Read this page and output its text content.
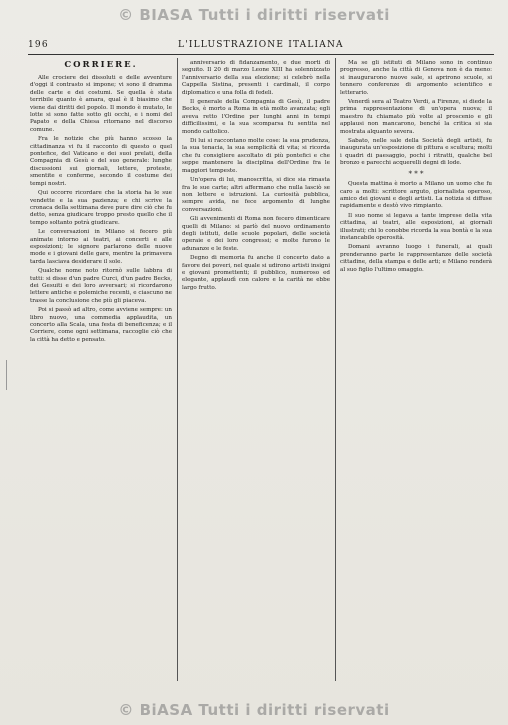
© BIASA Tutti i diritti riservati
196	L'ILLUSTRAZIONE ITALIANA
CORRIERE.

Alle crociere dei dissoluti e delle avventure d'oggi il contrasto si impone; vi sono il dramma delle carte e dei costumi. Se quella è stata terribile quanto è amara, qual è il biasimo che viene dai diritti del popolo. Il mondo è mutato, le lotte si sono fatte sotto gli occhi, e i nomi del Papato e della Chiesa ritornano nel discorso comune.

Fra le notizie che più hanno scosso la cittadinanza vi fu il racconto di questo o quel pontefice, del Vaticano e dei suoi prelati, della Compagnia di Gesù e del suo generale: lunghe discussioni sui giornali, lettere, proteste, smentite e conferme, secondo il costume dei tempi nostri.

Qui occorre ricordare che la storia ha le sue vendette e la sua pazienza; e chi scrive la cronaca della settimana deve pure dire ciò che fu detto, senza giudicare troppo presto quello che il tempo soltanto potrà giudicare.

Le conversazioni in Milano si fecero più animate intorno ai teatri, ai concerti e alle esposizioni; le signore parlarono delle nuove mode e i giovani delle gare, mentre la primavera tarda lasciava desiderare il sole.

Qualche nome noto ritornò sulle labbra di tutti: si disse d'un padre Curci, d'un padre Becks, dei Gesuiti e dei loro avversari; si ricordarono lettere antiche e polemiche recenti, e ciascuno ne trasse la conclusione che più gli piaceva.

Poi si passò ad altro, come avviene sempre: un libro nuovo, una commedia applaudita, un concerto alla Scala, una festa di beneficenza; e il Corriere, come ogni settimana, raccoglie ciò che la città ha detto e pensato.

anniversario di fidanzamento, e due morti di seguito. Il 20 di marzo Leone XIII ha solennizzato l'anniversario della sua elezione; si celebrò nella Cappella Sistina, presenti i cardinali, il corpo diplomatico e una folla di fedeli.

Il generale della Compagnia di Gesù, il padre Becks, è morto a Roma in età molto avanzata; egli aveva retto l'Ordine per lunghi anni in tempi difficilissimi, e la sua scomparsa fu sentita nel mondo cattolico.

Di lui si raccontano molte cose: la sua prudenza, la sua tenacia, la sua semplicità di vita; si ricorda che fu consigliere ascoltato di più pontefici e che seppe mantenere la disciplina dell'Ordine fra le maggiori tempeste.

Un'opera di lui, manoscritta, si dice sia rimasta fra le sue carte; altri affermano che nulla lasciò se non lettere e istruzioni. La curiosità pubblica, sempre avida, ne fece argomento di lunghe conversazioni.

Gli avvenimenti di Roma non fecero dimenticare quelli di Milano: si parlò del nuovo ordinamento degli istituti, delle scuole popolari, delle società operaie e dei loro congressi; e molte furono le adunanze e le feste.

Degno di memoria fu anche il concerto dato a favore dei poveri, nel quale si udirono artisti insigni e giovani promettenti; il pubblico, numeroso ed elegante, applaudì con calore e la carità ne ebbe largo frutto.

Ma se gli istituti di Milano sono in continuo progresso, anche la città di Genova non è da meno: si inaugurarono nuove sale, si aprirono scuole, si tennero conferenze di argomento scientifico e letterario.

Venerdì sera al Teatro Verdi, a Firenze, si diede la prima rappresentazione di un'opera nuova; il maestro fu chiamato più volte al proscenio e gli applausi non mancarono, benché la critica si sia mostrata alquanto severa.

Sabato, nelle sale della Società degli artisti, fu inaugurata un'esposizione di pittura e scultura; molti i quadri di paesaggio, pochi i ritratti, qualche bel bronzo e parecchi acquerelli degni di lode.

* * *

Questa mattina è morto a Milano un uomo che fu caro a molti: scrittore arguto, giornalista operoso, amico dei giovani e degli artisti. La notizia si diffuse rapidamente e destò vivo rimpianto.

Il suo nome si legava a tante imprese della vita cittadina, ai teatri, alle esposizioni, ai giornali illustrati; chi lo conobbe ricorda la sua bontà e la sua instancabile operosità.

Domani avranno luogo i funerali, ai quali prenderanno parte le rappresentanze delle società cittadine, della stampa e delle arti; e Milano renderà al suo figlio l'ultimo omaggio.

© BiASA Tutti i diritti riservati
